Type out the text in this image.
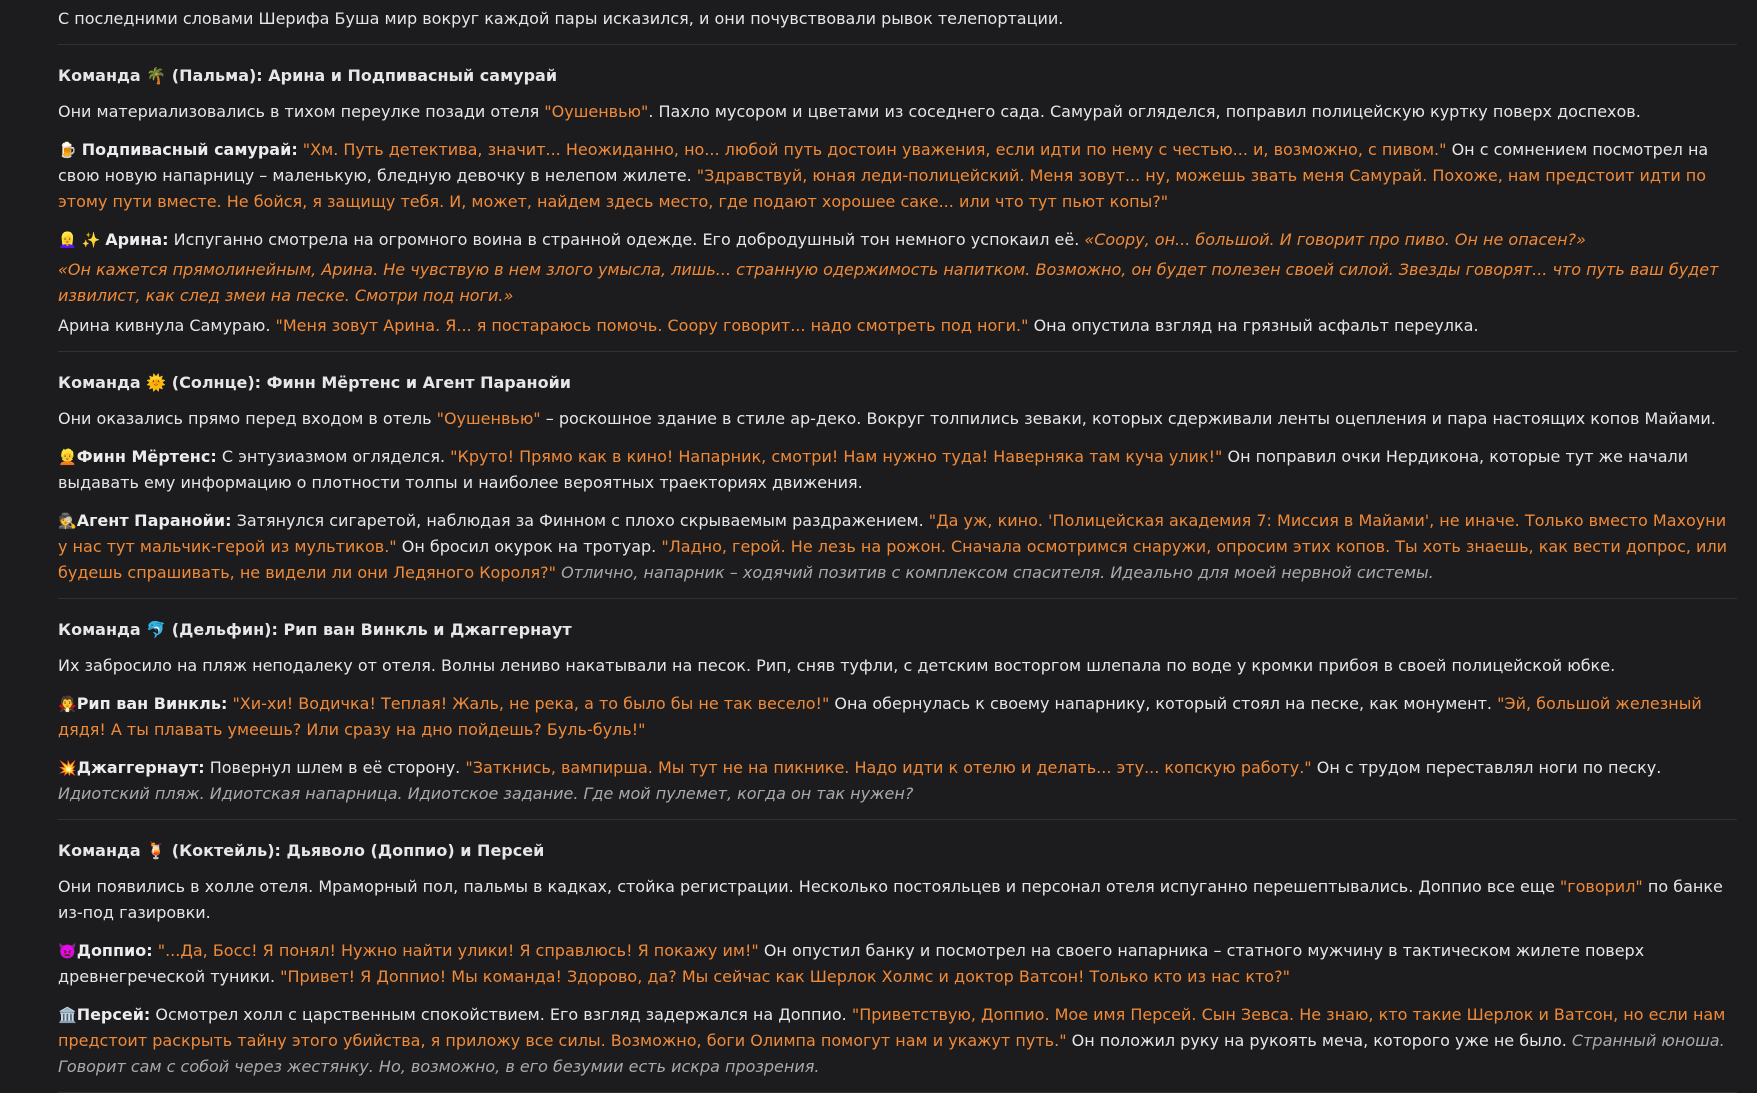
С последними словами Шерифа Буша мир вокруг каждой пары исказился, и они почувствовали рывок телепортации.

Команда 🌴 (Пальма): Арина и Подпивасный самурай

Они материализовались в тихом переулке позади отеля "Оушенвью". Пахло мусором и цветами из соседнего сада. Самурай огляделся, поправил полицейскую куртку поверх доспехов.

🍺 Подпивасный самурай: "Хм. Путь детектива, значит... Неожиданно, но... любой путь достоин уважения, если идти по нему с честью... и, возможно, с пивом." Он с сомнением посмотрел на свою новую напарницу – маленькую, бледную девочку в нелепом жилете. "Здравствуй, юная леди-полицейский. Меня зовут... ну, можешь звать меня Самурай. Похоже, нам предстоит идти по этому пути вместе. Не бойся, я защищу тебя. И, может, найдем здесь место, где подают хорошее саке... или что тут пьют копы?"

👱‍♀️ ✨ Арина: Испуганно смотрела на огромного воина в странной одежде. Его добродушный тон немного успокаил её. «Соору, он... большой. И говорит про пиво. Он не опасен?»

«Он кажется прямолинейным, Арина. Не чувствую в нем злого умысла, лишь... странную одержимость напитком. Возможно, он будет полезен своей силой. Звезды говорят... что путь ваш будет извилист, как след змеи на песке. Смотри под ноги.»

Арина кивнула Самураю. "Меня зовут Арина. Я... я постараюсь помочь. Соору говорит... надо смотреть под ноги." Она опустила взгляд на грязный асфальт переулка.

Команда 🌞 (Солнце): Финн Мёртенс и Агент Паранойи

Они оказались прямо перед входом в отель "Оушенвью" – роскошное здание в стиле ар-деко. Вокруг толпились зеваки, которых сдерживали ленты оцепления и пара настоящих копов Майами.

👱Финн Мёртенс: С энтузиазмом огляделся. "Круто! Прямо как в кино! Напарник, смотри! Нам нужно туда! Наверняка там куча улик!" Он поправил очки Нердикона, которые тут же начали выдавать ему информацию о плотности толпы и наиболее вероятных траекториях движения.

🕵️Агент Паранойи: Затянулся сигаретой, наблюдая за Финном с плохо скрываемым раздражением. "Да уж, кино. 'Полицейская академия 7: Миссия в Майами', не иначе. Только вместо Махоуни у нас тут мальчик-герой из мультиков." Он бросил окурок на тротуар. "Ладно, герой. Не лезь на рожон. Сначала осмотримся снаружи, опросим этих копов. Ты хоть знаешь, как вести допрос, или будешь спрашивать, не видели ли они Ледяного Короля?" Отлично, напарник – ходячий позитив с комплексом спасителя. Идеально для моей нервной системы.

Команда 🐬 (Дельфин): Рип ван Винкль и Джаггернаут

Их забросило на пляж неподалеку от отеля. Волны лениво накатывали на песок. Рип, сняв туфли, с детским восторгом шлепала по воде у кромки прибоя в своей полицейской юбке.

🧛Рип ван Винкль: "Хи-хи! Водичка! Теплая! Жаль, не река, а то было бы не так весело!" Она обернулась к своему напарнику, который стоял на песке, как монумент. "Эй, большой железный дядя! А ты плавать умеешь? Или сразу на дно пойдешь? Буль-буль!"

💥Джаггернаут: Повернул шлем в её сторону. "Заткнись, вампирша. Мы тут не на пикнике. Надо идти к отелю и делать... эту... копскую работу." Он с трудом переставлял ноги по песку.
Идиотский пляж. Идиотская напарница. Идиотское задание. Где мой пулемет, когда он так нужен?

Команда 🍹 (Коктейль): Дьяволо (Доппио) и Персей

Они появились в холле отеля. Мраморный пол, пальмы в кадках, стойка регистрации. Несколько постояльцев и персонал отеля испуганно перешептывались. Доппио все еще "говорил" по банке из-под газировки.

👿Доппио: "...Да, Босс! Я понял! Нужно найти улики! Я справлюсь! Я покажу им!" Он опустил банку и посмотрел на своего напарника – статного мужчину в тактическом жилете поверх древнегреческой туники. "Привет! Я Доппио! Мы команда! Здорово, да? Мы сейчас как Шерлок Холмс и доктор Ватсон! Только кто из нас кто?"

🏛️Персей: Осмотрел холл с царственным спокойствием. Его взгляд задержался на Доппио. "Приветствую, Доппио. Мое имя Персей. Сын Зевса. Не знаю, кто такие Шерлок и Ватсон, но если нам предстоит раскрыть тайну этого убийства, я приложу все силы. Возможно, боги Олимпа помогут нам и укажут путь." Он положил руку на рукоять меча, которого уже не было. Странный юноша. Говорит сам с собой через жестянку. Но, возможно, в его безумии есть искра прозрения.
